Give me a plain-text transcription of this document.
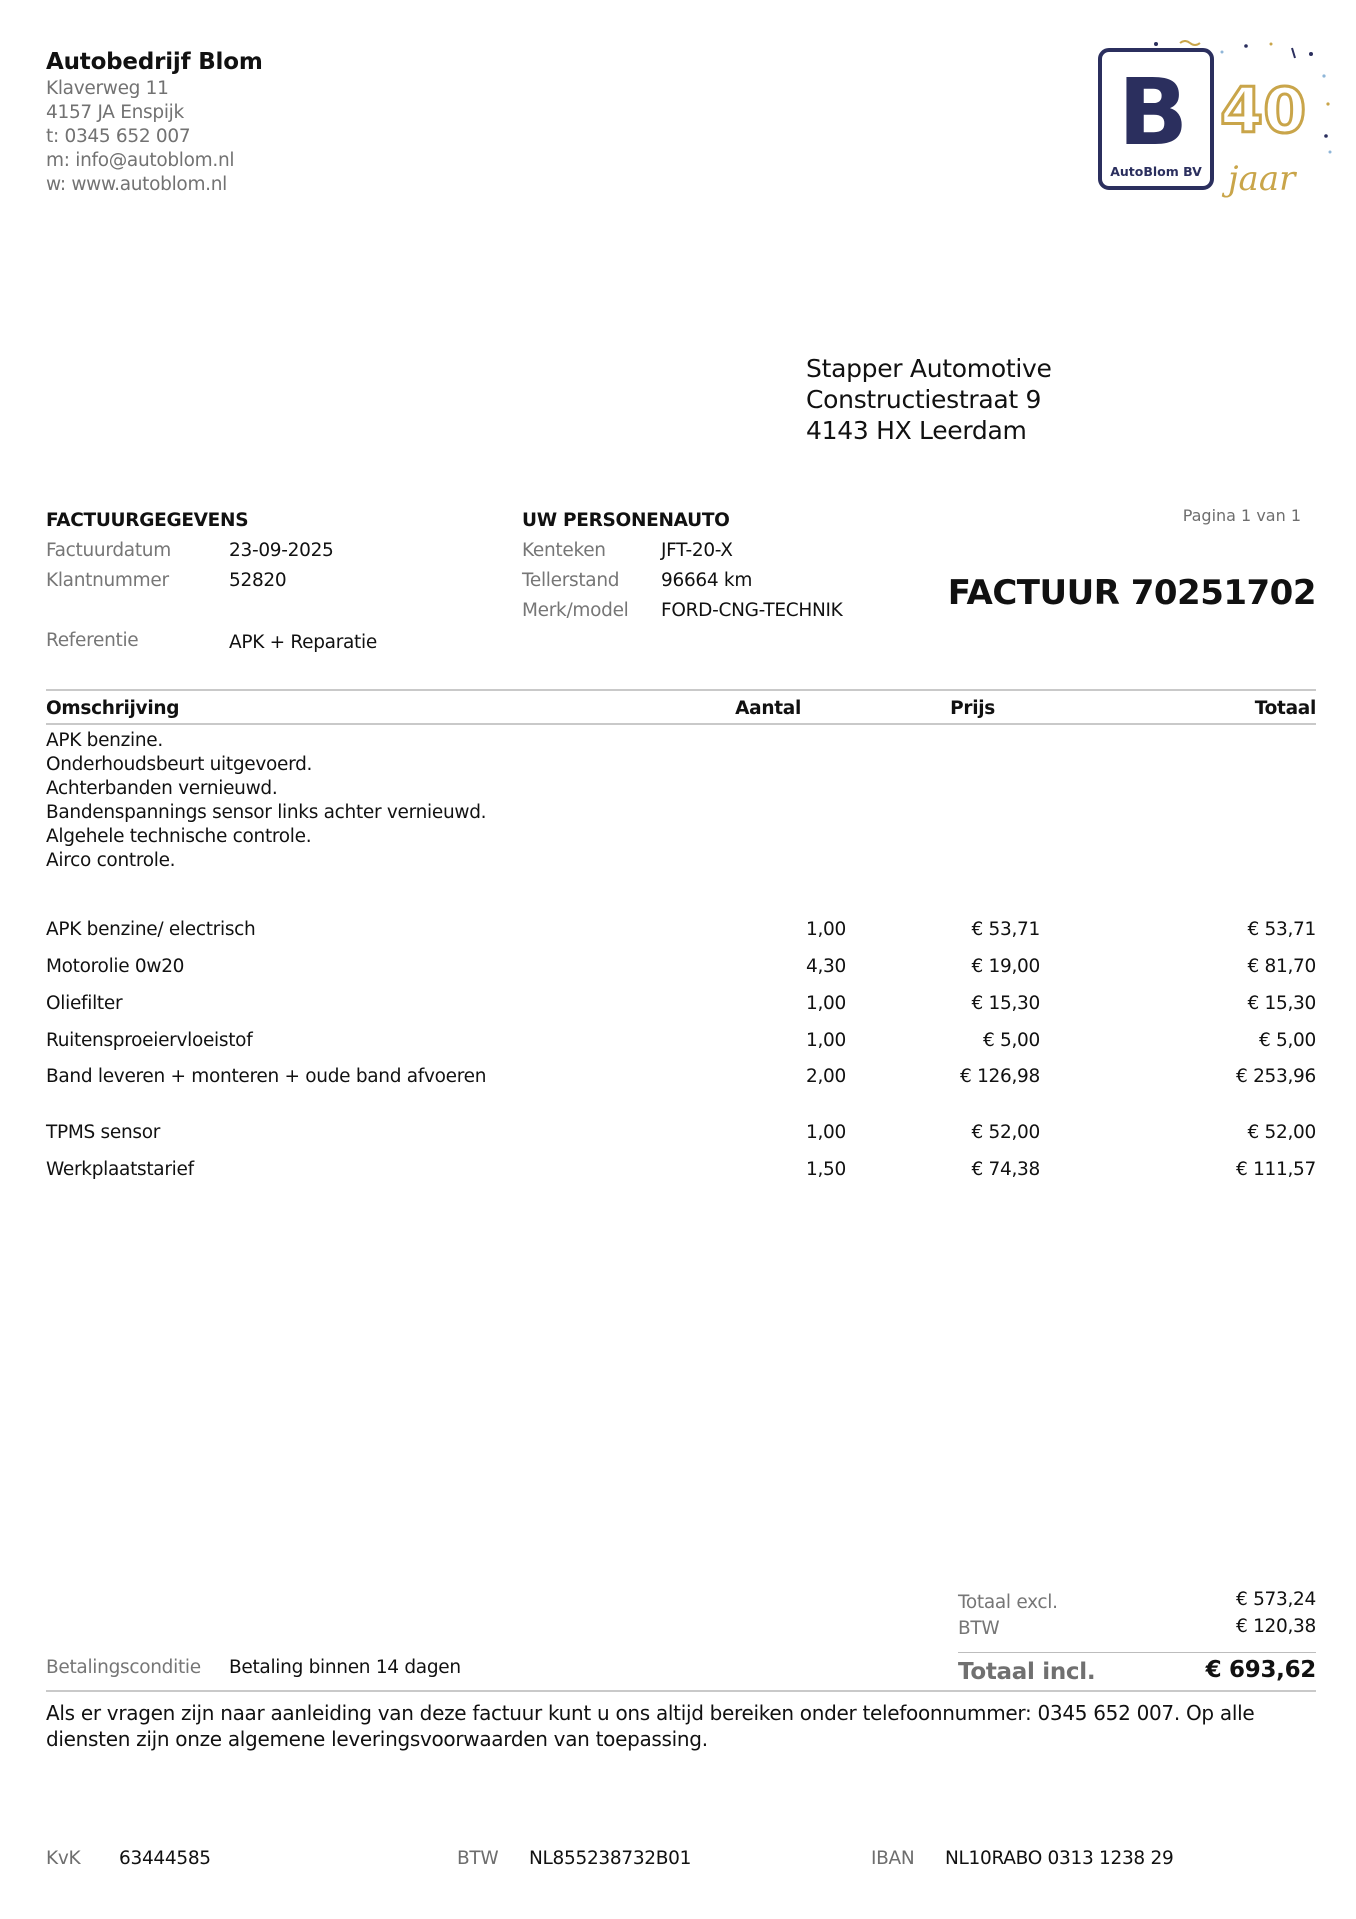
Autobedrijf Blom
Klaverweg 11
4157 JA Enspijk
t: 0345 652 007
m: info@autoblom.nl
w: www.autoblom.nl
B
AutoBlom BV
40
jaar
Stapper Automotive
Constructiestraat 9
4143 HX Leerdam
FACTUURGEGEVENS
Factuurdatum	23-09-2025
Klantnummer	52820
Referentie	APK + Reparatie
UW PERSONENAUTO
Kenteken	JFT-20-X
Tellerstand 96664 km
Merk/model FORD-CNG-TECHNIK
Pagina 1 van 1
FACTUUR 70251702
Omschrijving	Aantal	Prijs	Totaal
APK benzine.
Onderhoudsbeurt uitgevoerd.
Achterbanden vernieuwd.
Bandenspannings sensor links achter vernieuwd.
Algehele technische controle.
Airco controle.
APK benzine/ electrisch	1,00	€ 53,71	€ 53,71
Motorolie 0w20	4,30	€ 19,00	€ 81,70
Oliefilter	1,00	€ 15,30	€ 15,30
Ruitensproeiervloeistof	1,00	€ 5,00	€ 5,00
Band leveren + monteren + oude band afvoeren	2,00	€ 126,98	€ 253,96
TPMS sensor	1,00	€ 52,00	€ 52,00
Werkplaatstarief	1,50	€ 74,38	€ 111,57
Totaal excl.	€ 573,24
BTW	€ 120,38
Totaal incl.	€ 693,62
Betalingsconditie Betaling binnen 14 dagen
Als er vragen zijn naar aanleiding van deze factuur kunt u ons altijd bereiken onder telefoonnummer: 0345 652 007. Op alle diensten zijn onze algemene leveringsvoorwaarden van toepassing.
KvK 63444585	BTW NL855238732B01	IBAN NL10RABO 0313 1238 29
